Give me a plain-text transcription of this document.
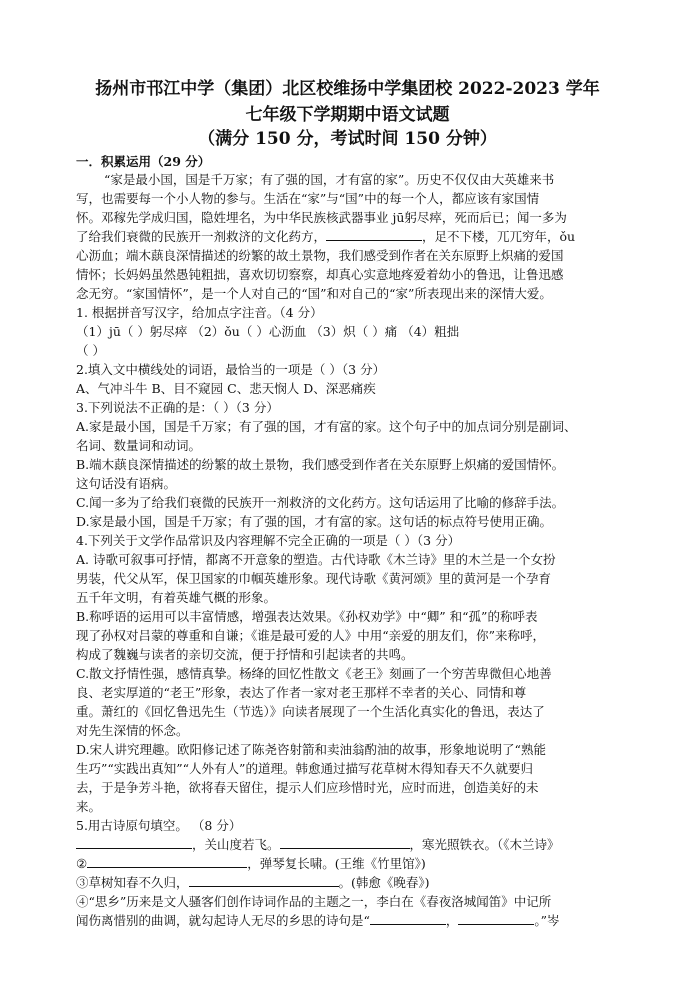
扬州市邗江中学（集团）北区校维扬中学集团校 2022-2023 学年
七年级下学期期中语文试题
（满分 150 分，考试时间 150 分钟）
一．积累运用（29 分）
“家是最小国，国是千万家；有了强的国，才有富的家”。历史不仅仅由大英雄来书
写，也需要每一个小人物的参与。生活在“家”与“国”中的每一个人，都应该有家国情
怀。邓稼先学成归国，隐姓埋名，为中华民族核武器事业 jū躬尽瘁，死而后已；闻一多为
了给我们衰微的民族开一剂救济的文化药方，	，足不下楼，兀兀穷年，ǒu
心沥血；端木蕻良深情描述的纷繁的故土景物，我们感受到作者在关东原野上炽痛的爱国
情怀；长妈妈虽然愚钝粗拙，喜欢切切察察，却真心实意地疼爱着幼小的鲁迅，让鲁迅感
念无穷。“家国情怀”，是一个人对自己的“国”和对自己的“家”所表现出来的深情大爱。
1. 根据拼音写汉字，给加点字注音。（4 分）
（1）jū（ ）躬尽瘁 （2）ǒu（ ）心沥血 （3）炽（ ）痛 （4）粗拙
（ ）
2.填入文中横线处的词语，最恰当的一项是（ ）（3 分）
A、气冲斗牛 B、目不窥园 C、悲天悯人 D、深恶痛疾
3.下列说法不正确的是：（ ）（3 分）
A.家是最小国，国是千万家；有了强的国，才有富的家。这个句子中的加点词分别是副词、
名词、数量词和动词。
B.端木蕻良深情描述的纷繁的故土景物，我们感受到作者在关东原野上炽痛的爱国情怀。
这句话没有语病。
C.闻一多为了给我们衰微的民族开一剂救济的文化药方。这句话运用了比喻的修辞手法。
D.家是最小国，国是千万家；有了强的国，才有富的家。这句话的标点符号使用正确。
4.下列关于文学作品常识及内容理解不完全正确的一项是（ ）（3 分）
A. 诗歌可叙事可抒情，都离不开意象的塑造。古代诗歌《木兰诗》里的木兰是一个女扮
男装，代父从军，保卫国家的巾帼英雄形象。现代诗歌《黄河颂》里的黄河是一个孕育
五千年文明，有着英雄气概的形象。
B.称呼语的运用可以丰富情感，增强表达效果。《孙权劝学》中“卿” 和“孤”的称呼表
现了孙权对吕蒙的尊重和自谦；《谁是最可爱的人》中用“亲爱的朋友们，你”来称呼，
构成了魏巍与读者的亲切交流，便于抒情和引起读者的共鸣。
C.散文抒情性强，感情真挚。杨绛的回忆性散文《老王》刻画了一个穷苦卑微但心地善
良、老实厚道的“老王”形象，表达了作者一家对老王那样不幸者的关心、同情和尊
重。萧红的《回忆鲁迅先生（节选）》向读者展现了一个生活化真实化的鲁迅，表达了
对先生深情的怀念。
D.宋人讲究理趣。欧阳修记述了陈尧咨射箭和卖油翁酌油的故事，形象地说明了“熟能
生巧”“实践出真知”“人外有人”的道理。韩愈通过描写花草树木得知春天不久就要归
去，于是争芳斗艳，欲将春天留住，提示人们应珍惜时光，应时而进，创造美好的未
来。
5.用古诗原句填空。 （8 分）
，关山度若飞。	，寒光照铁衣。（《木兰诗》
②	，弹琴复长啸。(王维《竹里馆》)
③草树知春不久归，	。(韩愈《晚春》)
④“思乡”历来是文人骚客们创作诗词作品的主题之一，李白在《春夜洛城闻笛》中记所
闻伤离惜别的曲调，就勾起诗人无尽的乡思的诗句是“	，	。”岑
